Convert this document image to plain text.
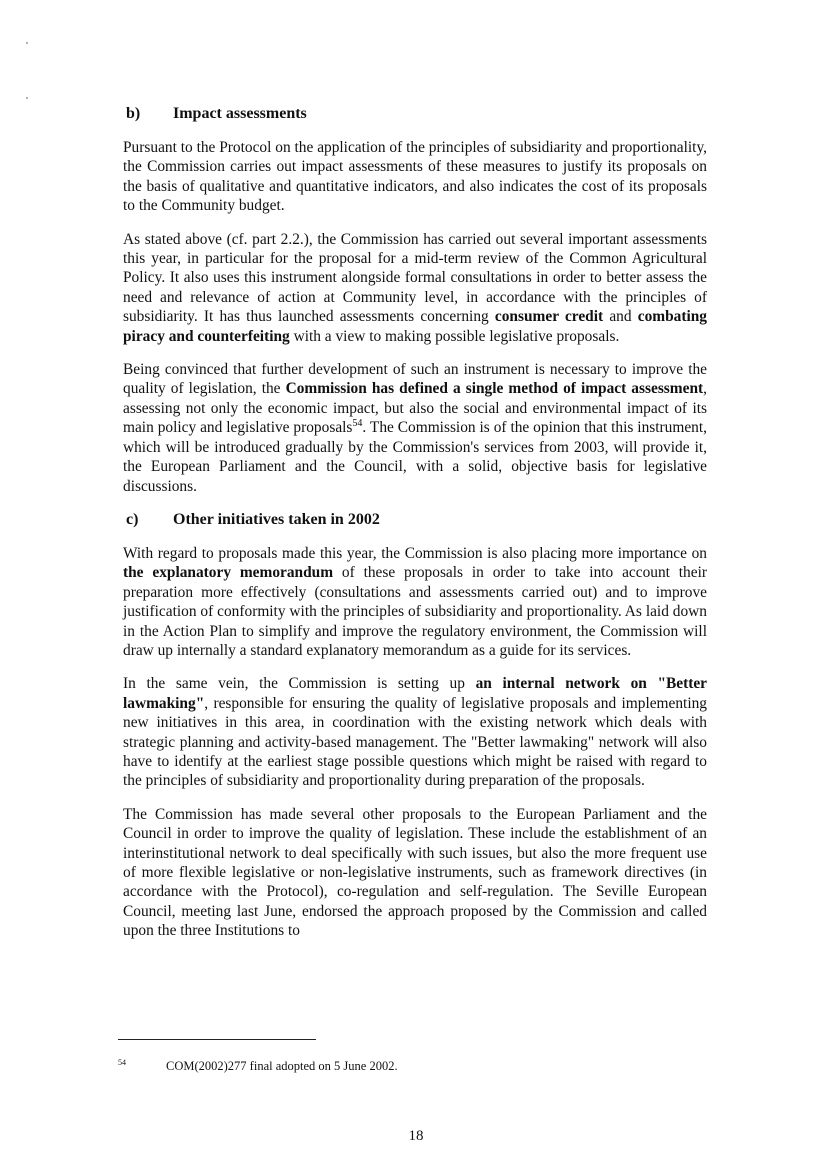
b) Impact assessments

Pursuant to the Protocol on the application of the principles of subsidiarity and proportionality, the Commission carries out impact assessments of these measures to justify its proposals on the basis of qualitative and quantitative indicators, and also indicates the cost of its proposals to the Community budget.

As stated above (cf. part 2.2.), the Commission has carried out several important assessments this year, in particular for the proposal for a mid-term review of the Common Agricultural Policy. It also uses this instrument alongside formal consultations in order to better assess the need and relevance of action at Community level, in accordance with the principles of subsidiarity. It has thus launched assessments concerning consumer credit and combating piracy and counterfeiting with a view to making possible legislative proposals.

Being convinced that further development of such an instrument is necessary to improve the quality of legislation, the Commission has defined a single method of impact assessment, assessing not only the economic impact, but also the social and environmental impact of its main policy and legislative proposals$^{54}$. The Commission is of the opinion that this instrument, which will be introduced gradually by the Commission's services from 2003, will provide it, the European Parliament and the Council, with a solid, objective basis for legislative discussions.

c) Other initiatives taken in 2002

With regard to proposals made this year, the Commission is also placing more importance on the explanatory memorandum of these proposals in order to take into account their preparation more effectively (consultations and assessments carried out) and to improve justification of conformity with the principles of subsidiarity and proportionality. As laid down in the Action Plan to simplify and improve the regulatory environment, the Commission will draw up internally a standard explanatory memorandum as a guide for its services.

In the same vein, the Commission is setting up an internal network on "Better lawmaking", responsible for ensuring the quality of legislative proposals and implementing new initiatives in this area, in coordination with the existing network which deals with strategic planning and activity-based management. The "Better lawmaking" network will also have to identify at the earliest stage possible questions which might be raised with regard to the principles of subsidiarity and proportionality during preparation of the proposals.

The Commission has made several other proposals to the European Parliament and the Council in order to improve the quality of legislation. These include the establishment of an interinstitutional network to deal specifically with such issues, but also the more frequent use of more flexible legislative or non-legislative instruments, such as framework directives (in accordance with the Protocol), co-regulation and self-regulation. The Seville European Council, meeting last June, endorsed the approach proposed by the Commission and called upon the three Institutions to

54	COM(2002)277 final adopted on 5 June 2002.
18
